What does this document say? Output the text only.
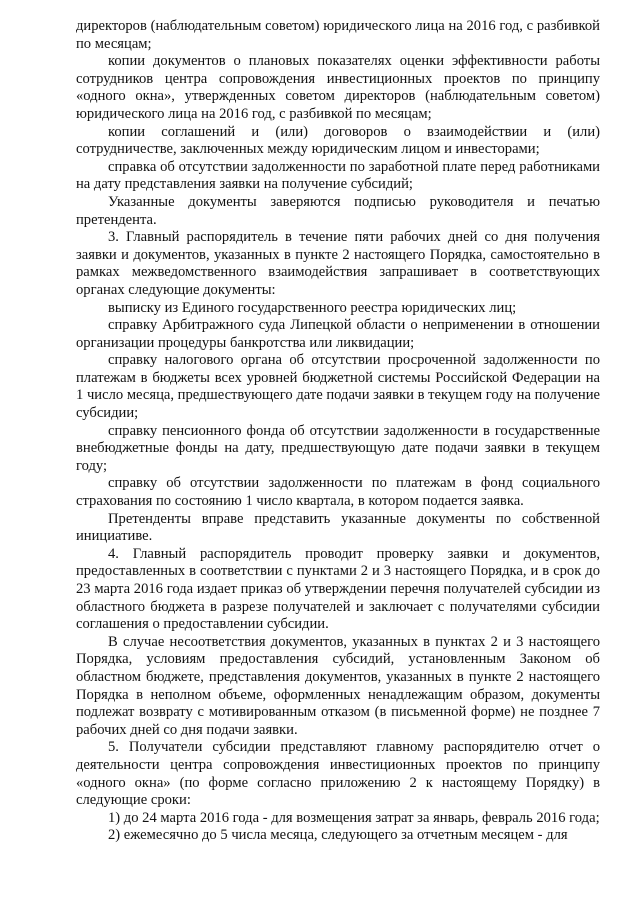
директоров (наблюдательным советом) юридического лица на 2016 год, с разбивкой по месяцам;

копии документов о плановых показателях оценки эффективности работы сотрудников центра сопровождения инвестиционных проектов по принципу «одного окна», утвержденных советом директоров (наблюдательным советом) юридического лица на 2016 год, с разбивкой по месяцам;

копии соглашений и (или) договоров о взаимодействии и (или) сотрудничестве, заключенных между юридическим лицом и инвесторами;

справка об отсутствии задолженности по заработной плате перед работниками на дату представления заявки на получение субсидий;

Указанные документы заверяются подписью руководителя и печатью претендента.

3. Главный распорядитель в течение пяти рабочих дней со дня получения заявки и документов, указанных в пункте 2 настоящего Порядка, самостоятельно в рамках межведомственного взаимодействия запрашивает в соответствующих органах следующие документы:

выписку из Единого государственного реестра юридических лиц;

справку Арбитражного суда Липецкой области о неприменении в отношении организации процедуры банкротства или ликвидации;

справку налогового органа об отсутствии просроченной задолженности по платежам в бюджеты всех уровней бюджетной системы Российской Федерации на 1 число месяца, предшествующего дате подачи заявки в текущем году на получение субсидии;

справку пенсионного фонда об отсутствии задолженности в государственные внебюджетные фонды на дату, предшествующую дате подачи заявки в текущем году;

справку об отсутствии задолженности по платежам в фонд социального страхования по состоянию 1 число квартала, в котором подается заявка.

Претенденты вправе представить указанные документы по собственной инициативе.

4. Главный распорядитель проводит проверку заявки и документов, предоставленных в соответствии с пунктами 2 и 3 настоящего Порядка, и в срок до 23 марта 2016 года издает приказ об утверждении перечня получателей субсидии из областного бюджета в разрезе получателей и заключает с получателями субсидии соглашения о предоставлении субсидии.

В случае несоответствия документов, указанных в пунктах 2 и 3 настоящего Порядка, условиям предоставления субсидий, установленным Законом об областном бюджете, представления документов, указанных в пункте 2 настоящего Порядка в неполном объеме, оформленных ненадлежащим образом, документы подлежат возврату с мотивированным отказом (в письменной форме) не позднее 7 рабочих дней со дня подачи заявки.

5. Получатели субсидии представляют главному распорядителю отчет о деятельности центра сопровождения инвестиционных проектов по принципу «одного окна» (по форме согласно приложению 2 к настоящему Порядку) в следующие сроки:

1) до 24 марта 2016 года - для возмещения затрат за январь, февраль 2016 года;

2) ежемесячно до 5 числа месяца, следующего за отчетным месяцем - для
